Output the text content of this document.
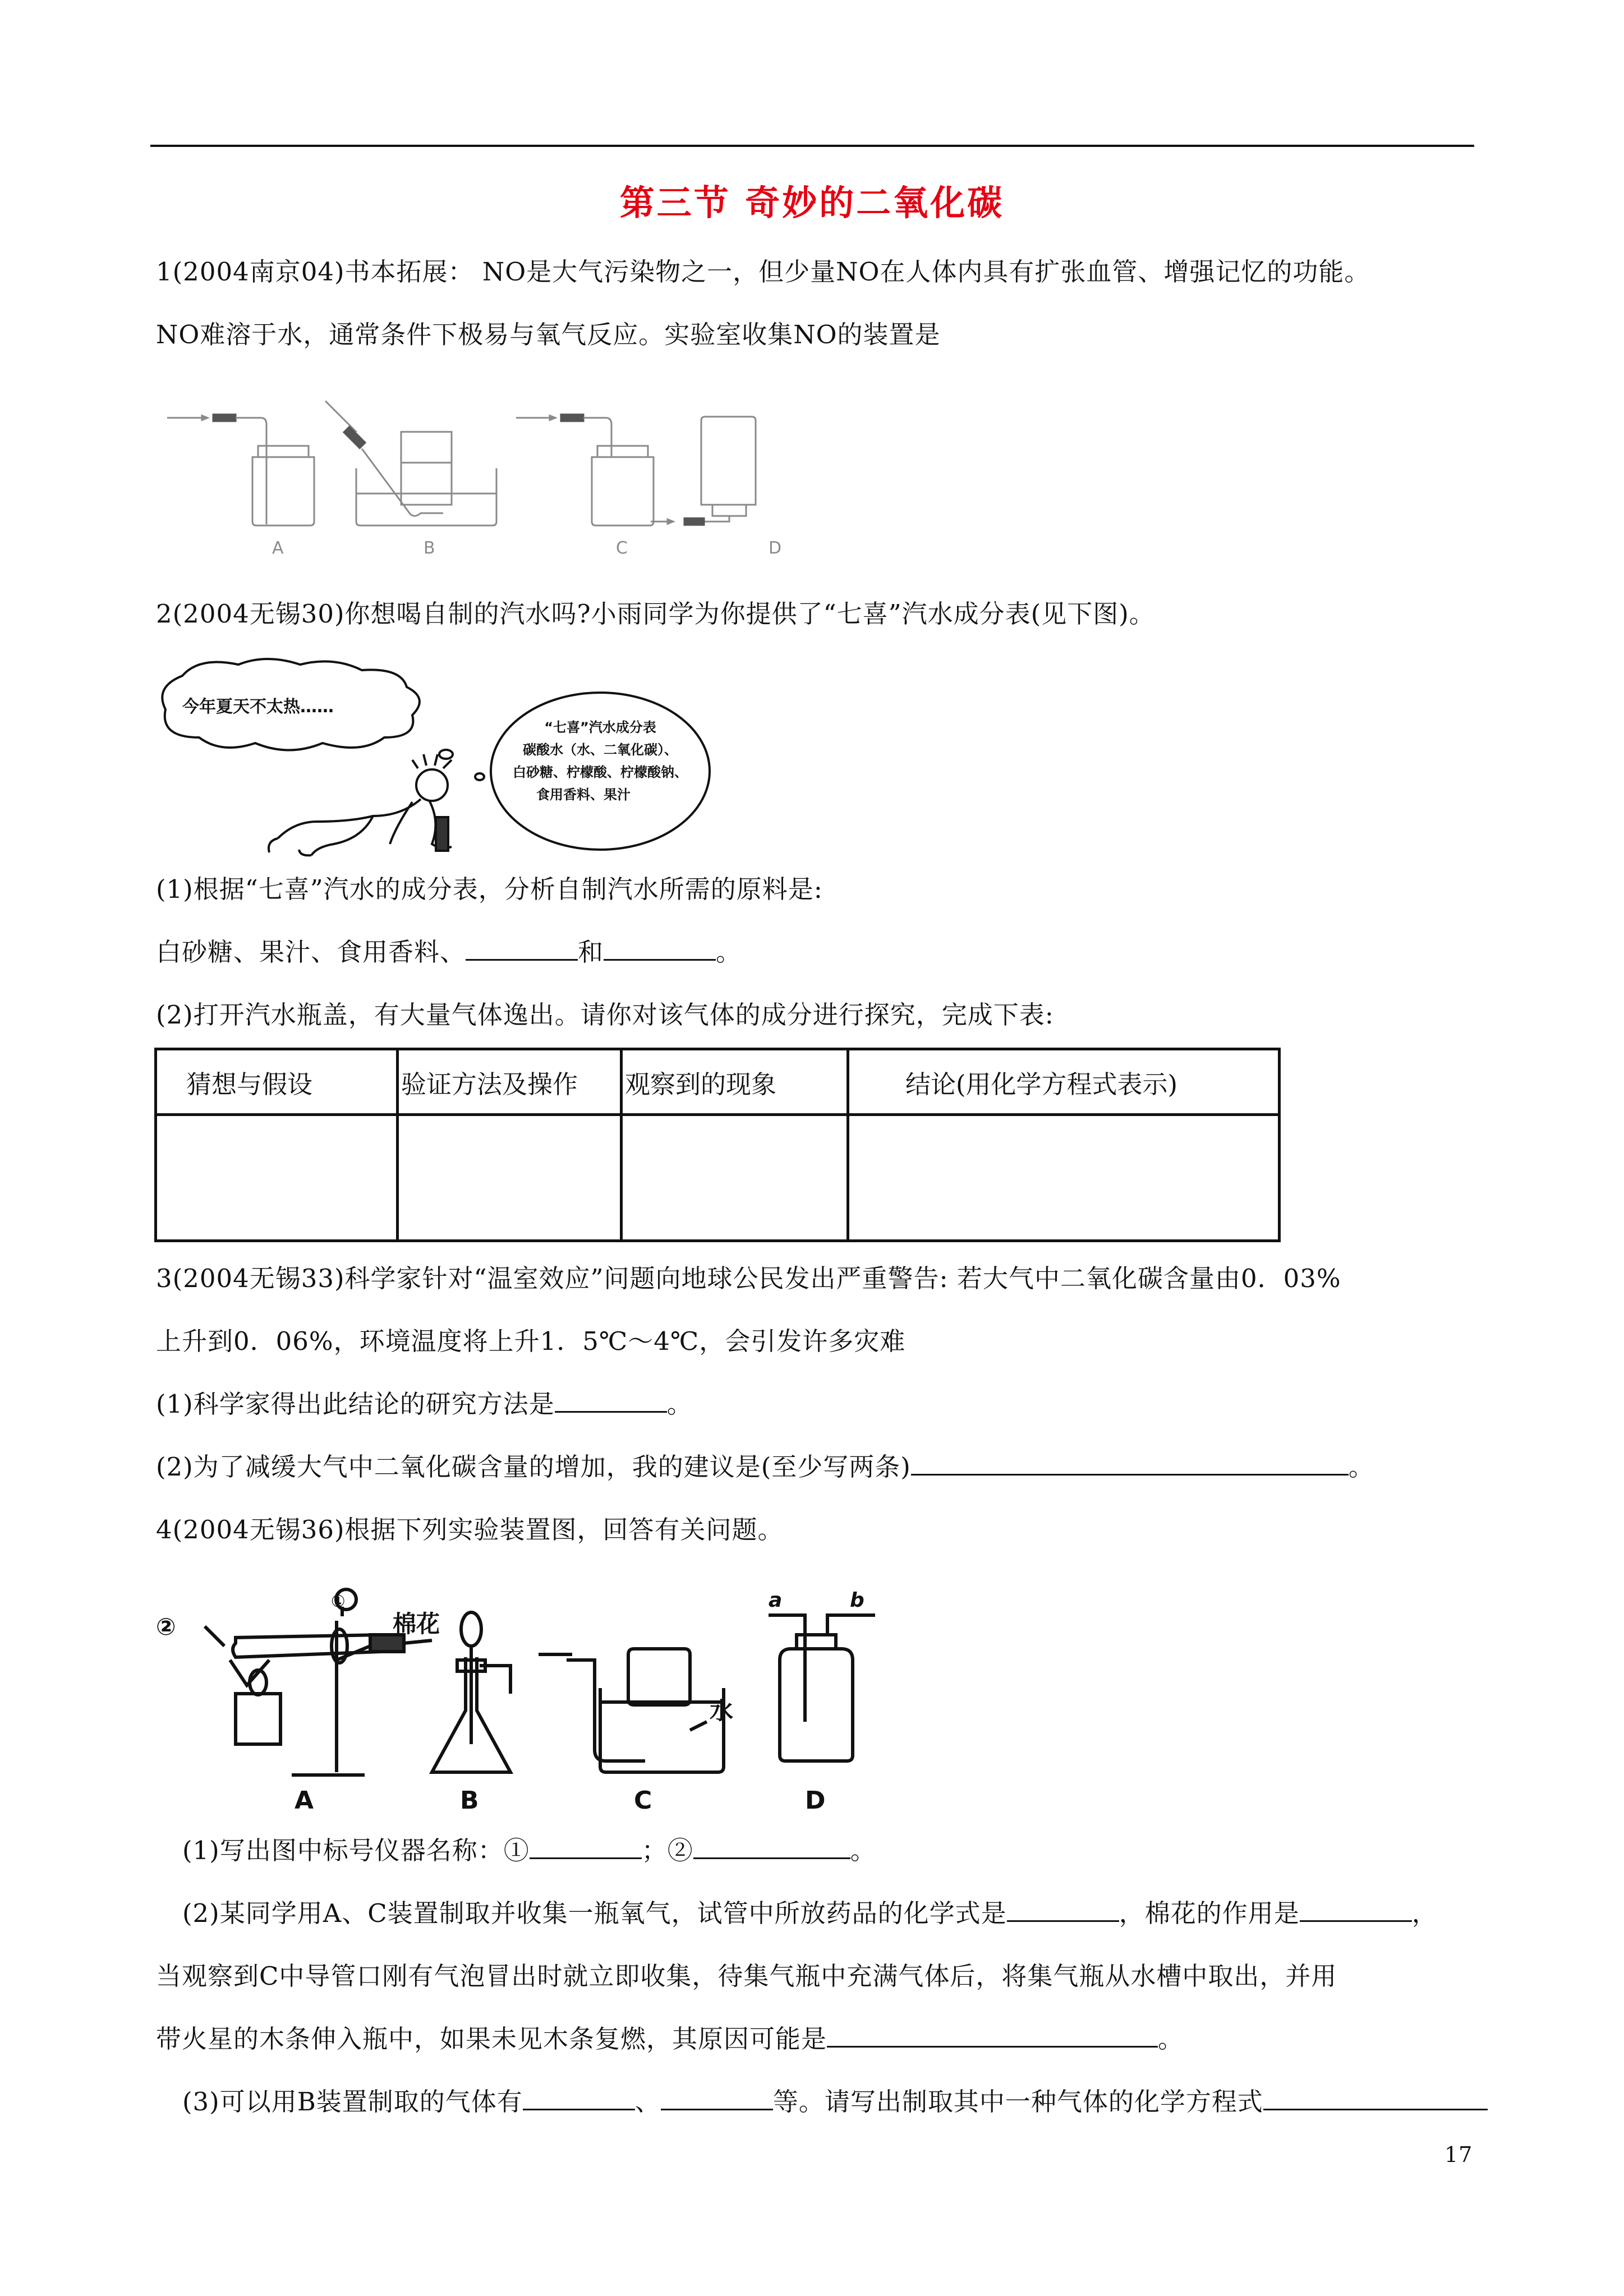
第三节 奇妙的二氧化碳
1(2004南京04)书本拓展： NO是大气污染物之一，但少量NO在人体内具有扩张血管、增强记忆的功能。
NO难溶于水，通常条件下极易与氧气反应。实验室收集NO的装置是
A	B	C	D
2(2004无锡30)你想喝自制的汽水吗?小雨同学为你提供了“七喜”汽水成分表(见下图)。
今年夏天不太热……
“七喜”汽水成分表
碳酸水（水、二氧化碳）、
白砂糖、柠檬酸、柠檬酸钠、
食用香料、果汁
(1)根据“七喜”汽水的成分表，分析自制汽水所需的原料是:
白砂糖、果汁、食用香料、	和	。
(2)打开汽水瓶盖，有大量气体逸出。请你对该气体的成分进行探究，完成下表:
猜想与假设	验证方法及操作	观察到的现象	结论(用化学方程式表示)

3(2004无锡33)科学家针对“温室效应”问题向地球公民发出严重警告: 若大气中二氧化碳含量由0．03%
上升到0．06%，环境温度将上升1．5℃～4℃，会引发许多灾难
(1)科学家得出此结论的研究方法是	。
(2)为了减缓大气中二氧化碳含量的增加，我的建议是(至少写两条)	。
4(2004无锡36)根据下列实验装置图，回答有关问题。
①
②	棉花
水
a	b
A	B	C	D
(1)写出图中标号仪器名称：①	；②	。
(2)某同学用A、C装置制取并收集一瓶氧气，试管中所放药品的化学式是	，棉花的作用是	，
当观察到C中导管口刚有气泡冒出时就立即收集，待集气瓶中充满气体后，将集气瓶从水槽中取出，并用
带火星的木条伸入瓶中，如果未见木条复燃，其原因可能是	。
(3)可以用B装置制取的气体有	、	等。请写出制取其中一种气体的化学方程式
17
